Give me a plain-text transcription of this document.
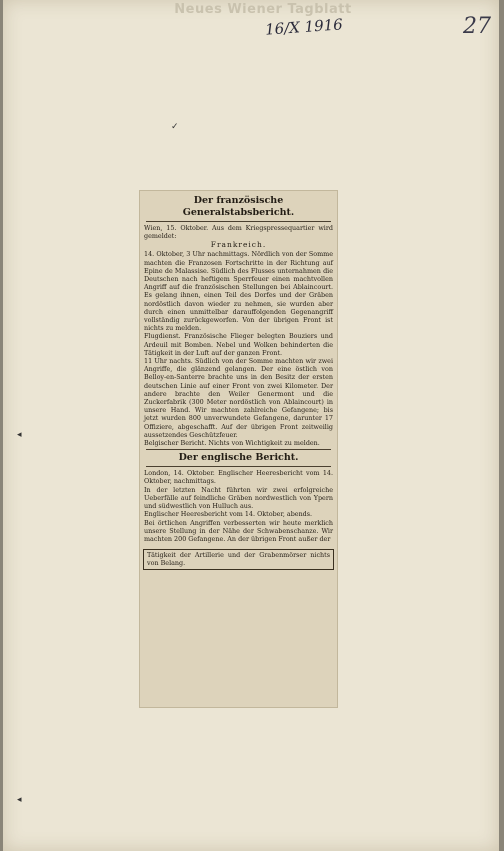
Neues Wiener Tagblatt
16/X 1916	27
✓
◂
◂
Der französische Generalstabsbericht.

Wien, 15. Oktober. Aus dem Kriegspressequartier wird gemeldet:

Frankreich.

14. Oktober, 3 Uhr nachmittags. Nördlich von der Somme machten die Franzosen Fortschritte in der Richtung auf Epine de Malassise. Südlich des Flusses unternahmen die Deutschen nach heftigem Sperrfeuer einen machtvollen Angriff auf die französischen Stellungen bei Ablaincourt. Es gelang ihnen, einen Teil des Dorfes und der Gräben nordöstlich davon wieder zu nehmen, sie wurden aber durch einen unmittelbar darauffolgenden Gegenangriff vollständig zurückgeworfen. Von der übrigen Front ist nichts zu melden.

Flugdienst. Französische Flieger belegten Bouziers und Ardeuil mit Bomben. Nebel und Wolken behinderten die Tätigkeit in der Luft auf der ganzen Front.

11 Uhr nachts. Südlich von der Somme machten wir zwei Angriffe, die glänzend gelangen. Der eine östlich von Belloy-en-Santerre brachte uns in den Besitz der ersten deutschen Linie auf einer Front von zwei Kilometer. Der andere brachte den Weiler Genermont und die Zuckerfabrik (300 Meter nordöstlich von Ablaincourt) in unsere Hand. Wir machten zahlreiche Gefangene; bis jetzt wurden 800 unverwundete Gefangene, darunter 17 Offiziere, abgeschafft. Auf der übrigen Front zeitweilig aussetzendes Geschützfeuer.

Belgischer Bericht. Nichts von Wichtigkeit zu melden.

Der englische Bericht.

London, 14. Oktober. Englischer Heeresbericht vom 14. Oktober, nachmittags.

In der letzten Nacht führten wir zwei erfolgreiche Ueberfälle auf feindliche Gräben nordwestlich von Ypern und südwestlich von Hulluch aus.

Englischer Heeresbericht vom 14. Oktober, abends.

Bei örtlichen Angriffen verbesserten wir heute merklich unsere Stellung in der Nähe der Schwabenschanze. Wir machten 200 Gefangene. An der übrigen Front außer der

Tätigkeit der Artillerie und der Grabenmörser nichts von Belang.
